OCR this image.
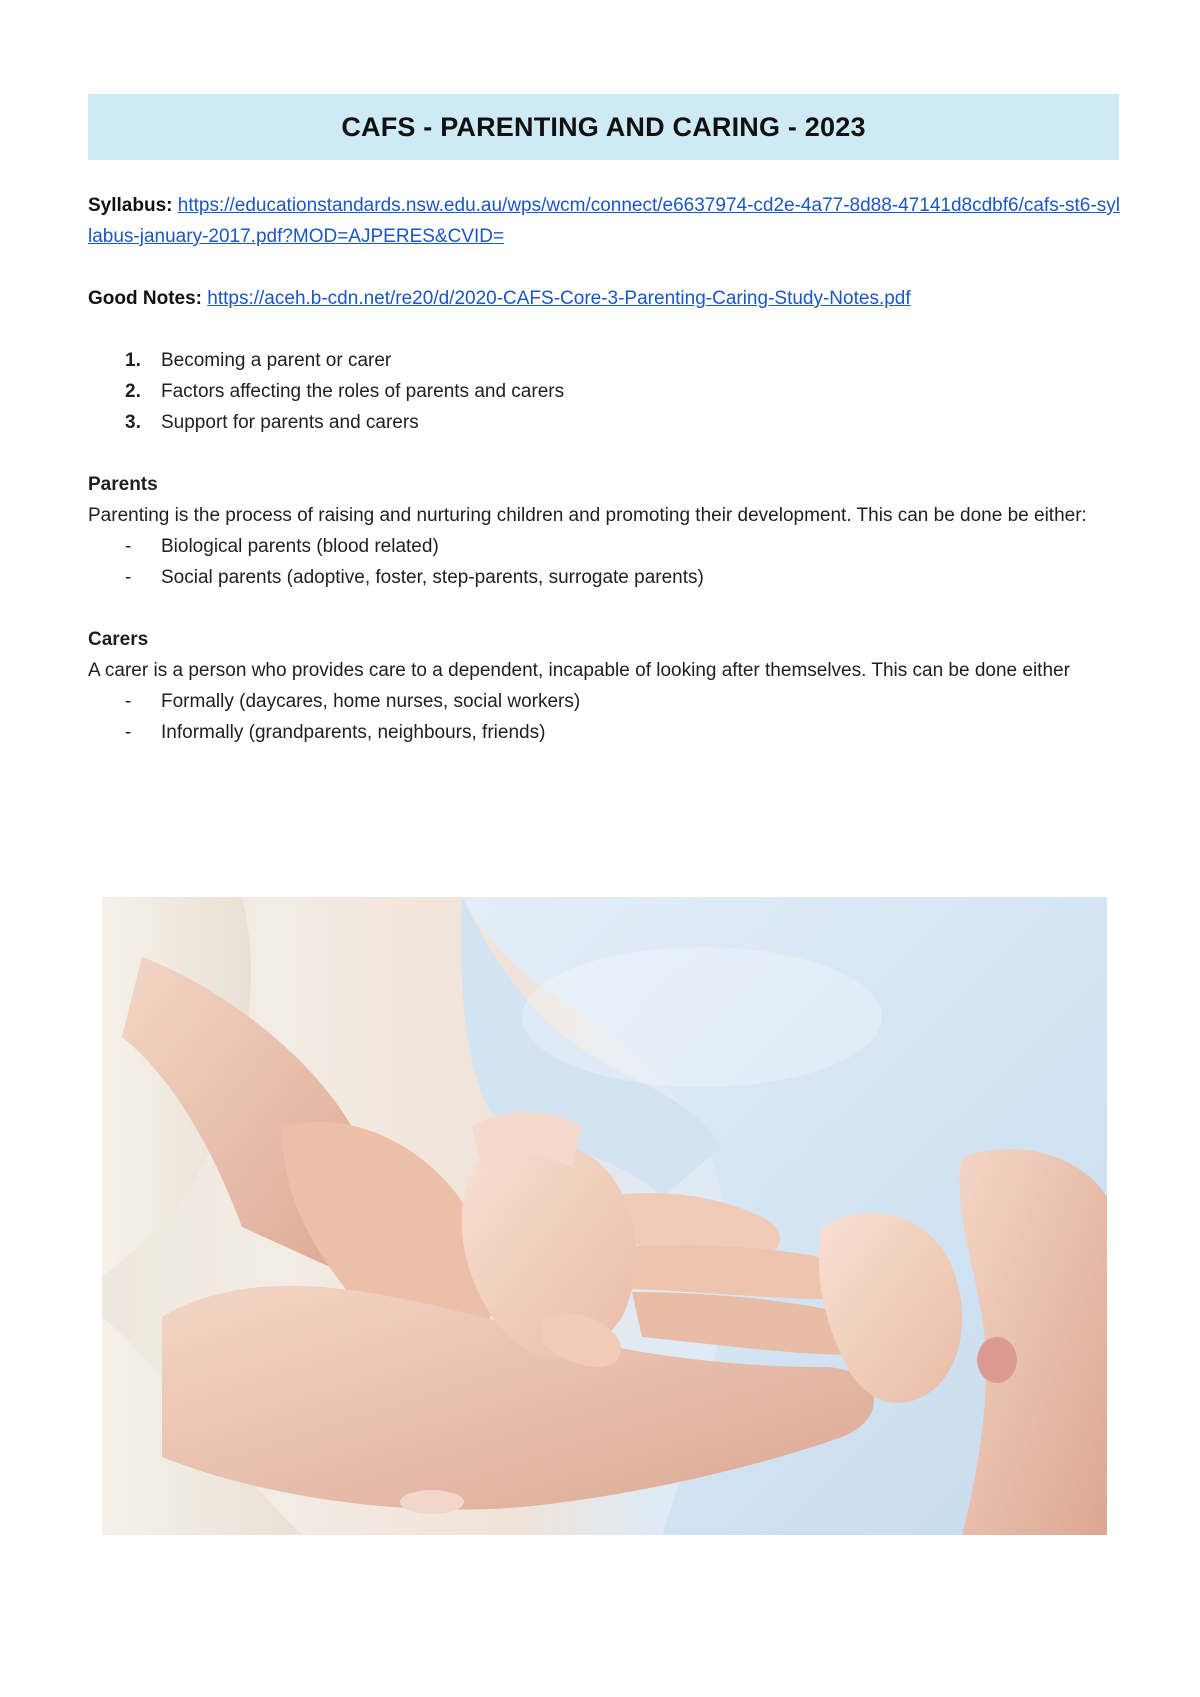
CAFS - PARENTING AND CARING - 2023

Syllabus: https://educationstandards.nsw.edu.au/wps/wcm/connect/e6637974-cd2e-4a77-8d88-47141d8cdbf6/cafs-st6-syllabus-january-2017.pdf?MOD=AJPERES&CVID=

Good Notes: https://aceh.b-cdn.net/re20/d/2020-CAFS-Core-3-Parenting-Caring-Study-Notes.pdf

1. Becoming a parent or carer
2. Factors affecting the roles of parents and carers
3. Support for parents and carers

Parents

Parenting is the process of raising and nurturing children and promoting their development. This can be done be either:

- Biological parents (blood related)
- Social parents (adoptive, foster, step-parents, surrogate parents)

Carers

A carer is a person who provides care to a dependent, incapable of looking after themselves. This can be done either

- Formally (daycares, home nurses, social workers)
- Informally (grandparents, neighbours, friends)
